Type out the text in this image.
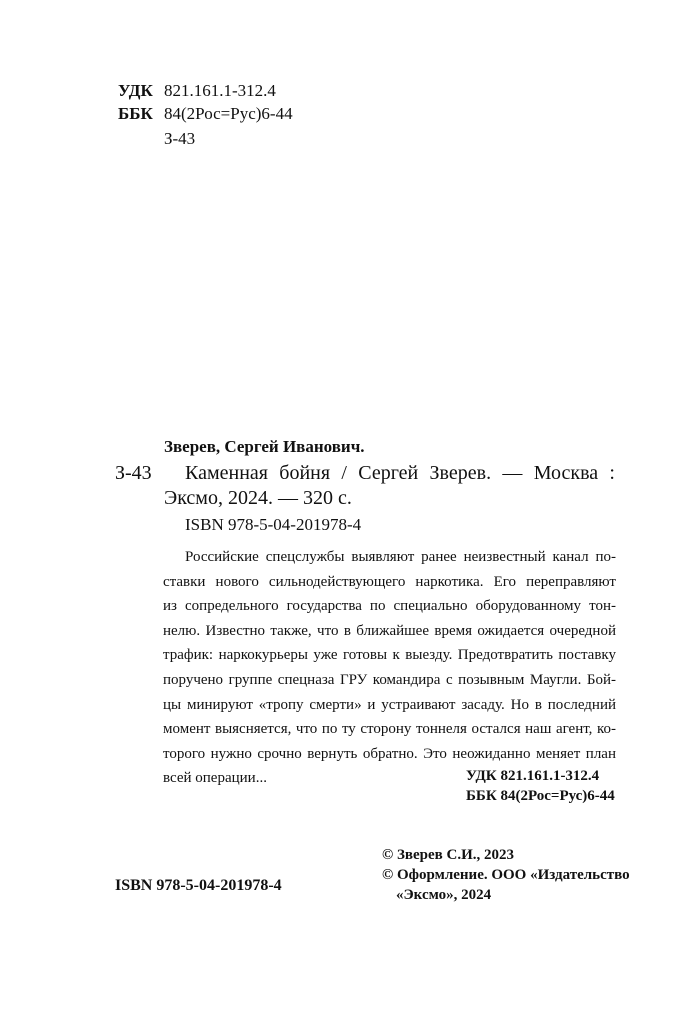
УДК 821.161.1-312.4
ББК 84(2Рос=Рус)6-44
З-43
Зверев, Сергей Иванович.
З-43 Каменная бойня / Сергей Зверев. — Москва :
Эксмо, 2024. — 320 с.
ISBN 978-5-04-201978-4
Российские спецслужбы выявляют ранее неизвестный канал по-
ставки нового сильнодействующего наркотика. Его переправляют
из сопредельного государства по специально оборудованному тон-
нелю. Известно также, что в ближайшее время ожидается очередной
трафик: наркокурьеры уже готовы к выезду. Предотвратить поставку
поручено группе спецназа ГРУ командира с позывным Маугли. Бой-
цы минируют «тропу смерти» и устраивают засаду. Но в последний
момент выясняется, что по ту сторону тоннеля остался наш агент, ко-
торого нужно срочно вернуть обратно. Это неожиданно меняет план
всей операции...	УДК 821.161.1-312.4
ББК 84(2Рос=Рус)6-44
© Зверев С.И., 2023
© Оформление. ООО «Издательство
«Эксмо», 2024
ISBN 978-5-04-201978-4
